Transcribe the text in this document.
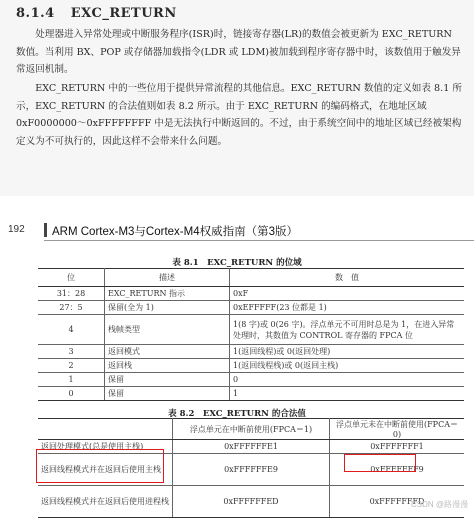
8.1.4 EXC_RETURN

处理器进入异常处理或中断服务程序(ISR)时，链接寄存器(LR)的数值会被更新为 EXC_RETURN 数值。当利用 BX、POP 或存储器加载指令(LDR 或 LDM)被加载到程序寄存器中时，该数值用于触发异常返回机制。

EXC_RETURN 中的一些位用于提供异常流程的其他信息。EXC_RETURN 数值的定义如表 8.1 所示，EXC_RETURN 的合法值则如表 8.2 所示。由于 EXC_RETURN 的编码格式，在地址区域 0xF0000000～0xFFFFFFFF 中是无法执行中断返回的。不过，由于系统空间中的地址区域已经被架构定义为不可执行的，因此这样不会带来什么问题。

192 ARM Cortex-M3与Cortex-M4权威指南（第3版）
表 8.1　EXC_RETURN 的位域
位	描述	数　值
31：28	EXC_RETURN 指示	0xF
27：5	保留(全为 1)	0xEFFFFF(23 位都是 1)
4	栈帧类型	1(8 字)或 0(26 字)。浮点单元不可用时总是为 1，在进入异常处理时，其数值为 CONTROL 寄存器的 FPCA 位
3	返回模式	1(返回线程)或 0(返回处理)
2	返回栈	1(返回线程栈)或 0(返回主栈)
1	保留	0
0	保留	1
表 8.2　EXC_RETURN 的合法值
	浮点单元在中断前使用(FPCA＝1)	浮点单元未在中断前使用(FPCA＝0)
返回处理模式(总是使用主栈)	0xFFFFFFE1	0xFFFFFFF1
返回线程模式并在返回后使用主栈	0xFFFFFFE9	0xFFFFFFF9
返回线程模式并在返回后使用进程栈	0xFFFFFFED	0xFFFFFFFD
CSDN @路漫漫
